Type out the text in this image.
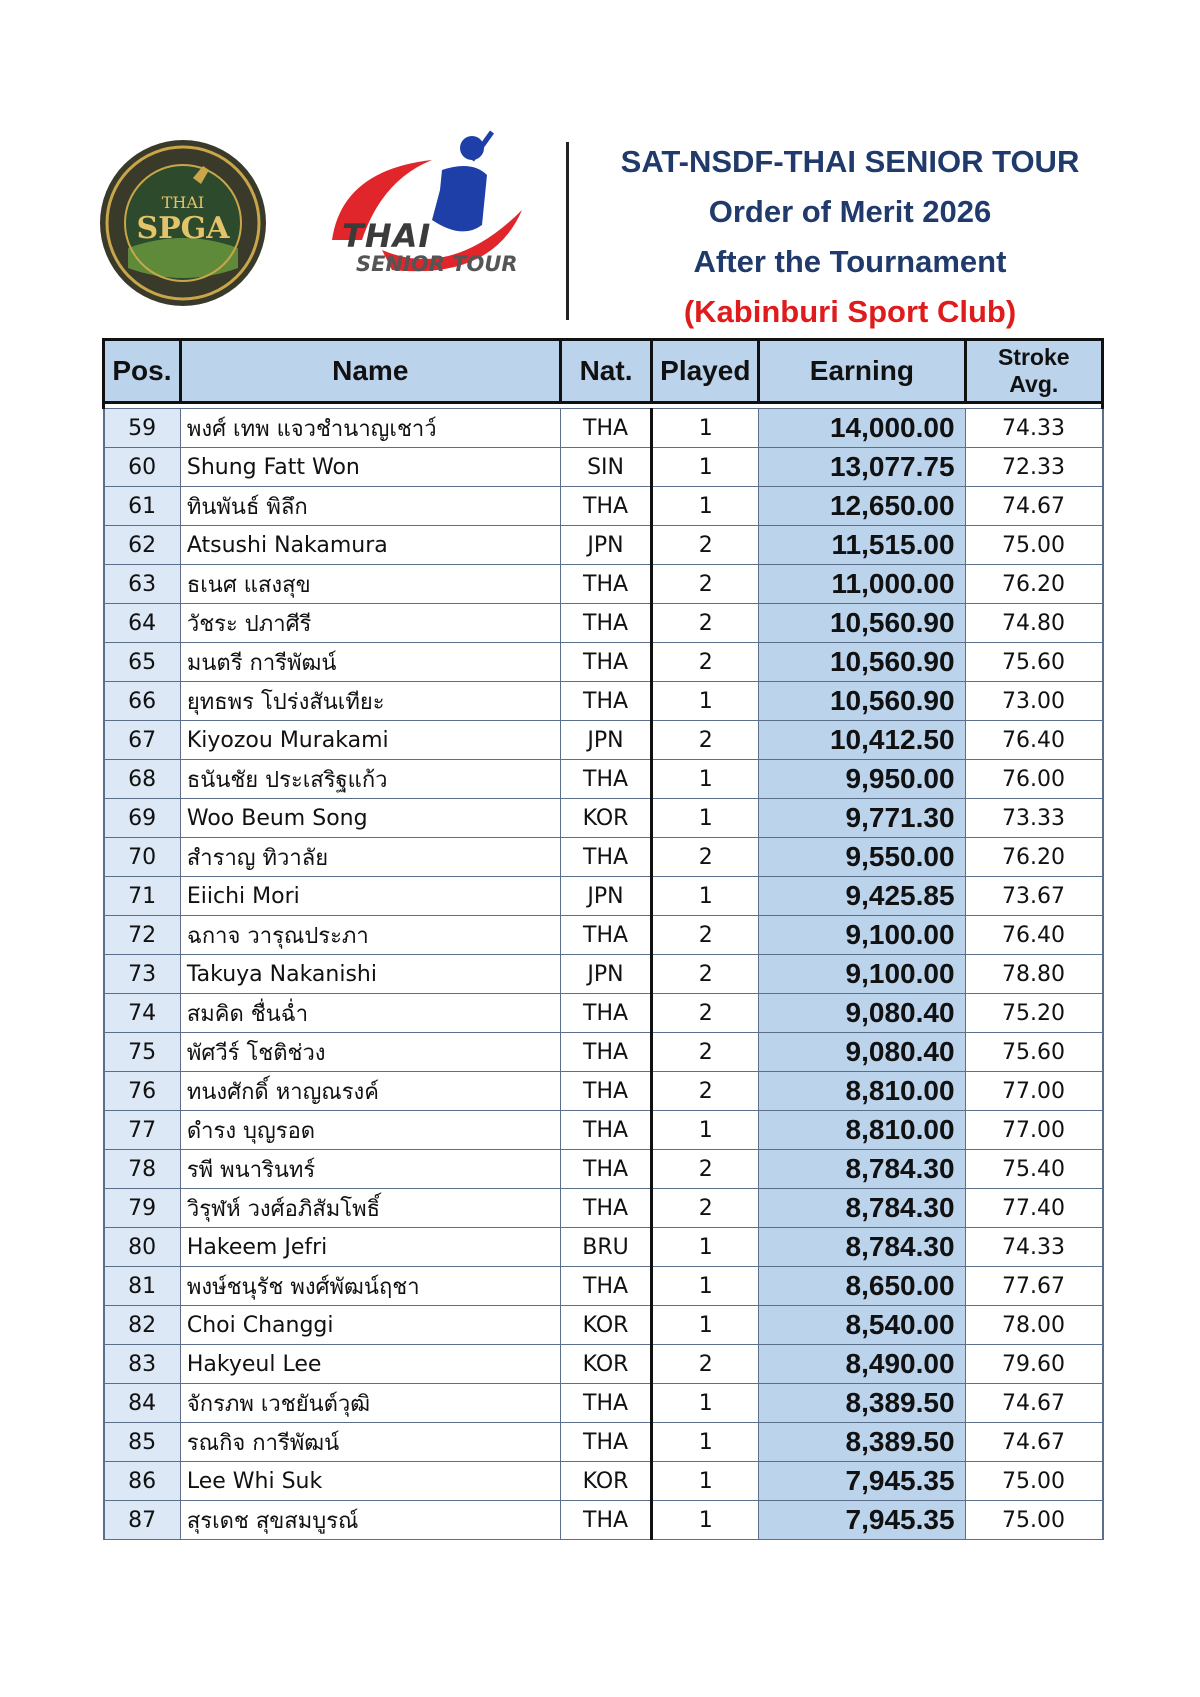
THAI
SPGA	THAI
SENIOR TOUR
SAT-NSDF-THAI SENIOR TOUR
Order of Merit 2026
After the Tournament
(Kabinburi Sport Club)
Pos.	Name	Nat.	Played	Earning	Stroke
Avg.

59	พงศ์ เทพ แจวชำนาญเชาว์	THA	1	14,000.00	74.33
60	Shung Fatt Won	SIN	1	13,077.75	72.33
61	ทินพันธ์ พิลึก	THA	1	12,650.00	74.67
62	Atsushi Nakamura	JPN	2	11,515.00	75.00
63	ธเนศ แสงสุข	THA	2	11,000.00	76.20
64	วัชระ ปภาศีรี	THA	2	10,560.90	74.80
65	มนตรี การีพัฒน์	THA	2	10,560.90	75.60
66	ยุทธพร โปร่งสันเทียะ	THA	1	10,560.90	73.00
67	Kiyozou Murakami	JPN	2	10,412.50	76.40
68	ธนันชัย ประเสริฐแก้ว	THA	1	9,950.00	76.00
69	Woo Beum Song	KOR	1	9,771.30	73.33
70	สำราญ ทิวาลัย	THA	2	9,550.00	76.20
71	Eiichi Mori	JPN	1	9,425.85	73.67
72	ฉกาจ วารุณประภา	THA	2	9,100.00	76.40
73	Takuya Nakanishi	JPN	2	9,100.00	78.80
74	สมคิด ชื่นฉ่ำ	THA	2	9,080.40	75.20
75	พัศวีร์ โชติช่วง	THA	2	9,080.40	75.60
76	ทนงศักดิ์ หาญณรงค์	THA	2	8,810.00	77.00
77	ดำรง บุญรอด	THA	1	8,810.00	77.00
78	รพี พนารินทร์	THA	2	8,784.30	75.40
79	วิรุฬห์ วงศ์อภิสัมโพธิ์	THA	2	8,784.30	77.40
80	Hakeem Jefri	BRU	1	8,784.30	74.33
81	พงษ์ชนุรัช พงศ์พัฒน์ฤชา	THA	1	8,650.00	77.67
82	Choi Changgi	KOR	1	8,540.00	78.00
83	Hakyeul Lee	KOR	2	8,490.00	79.60
84	จักรภพ เวชยันต์วุฒิ	THA	1	8,389.50	74.67
85	รณกิจ การีพัฒน์	THA	1	8,389.50	74.67
86	Lee Whi Suk	KOR	1	7,945.35	75.00
87	สุรเดช สุขสมบูรณ์	THA	1	7,945.35	75.00
